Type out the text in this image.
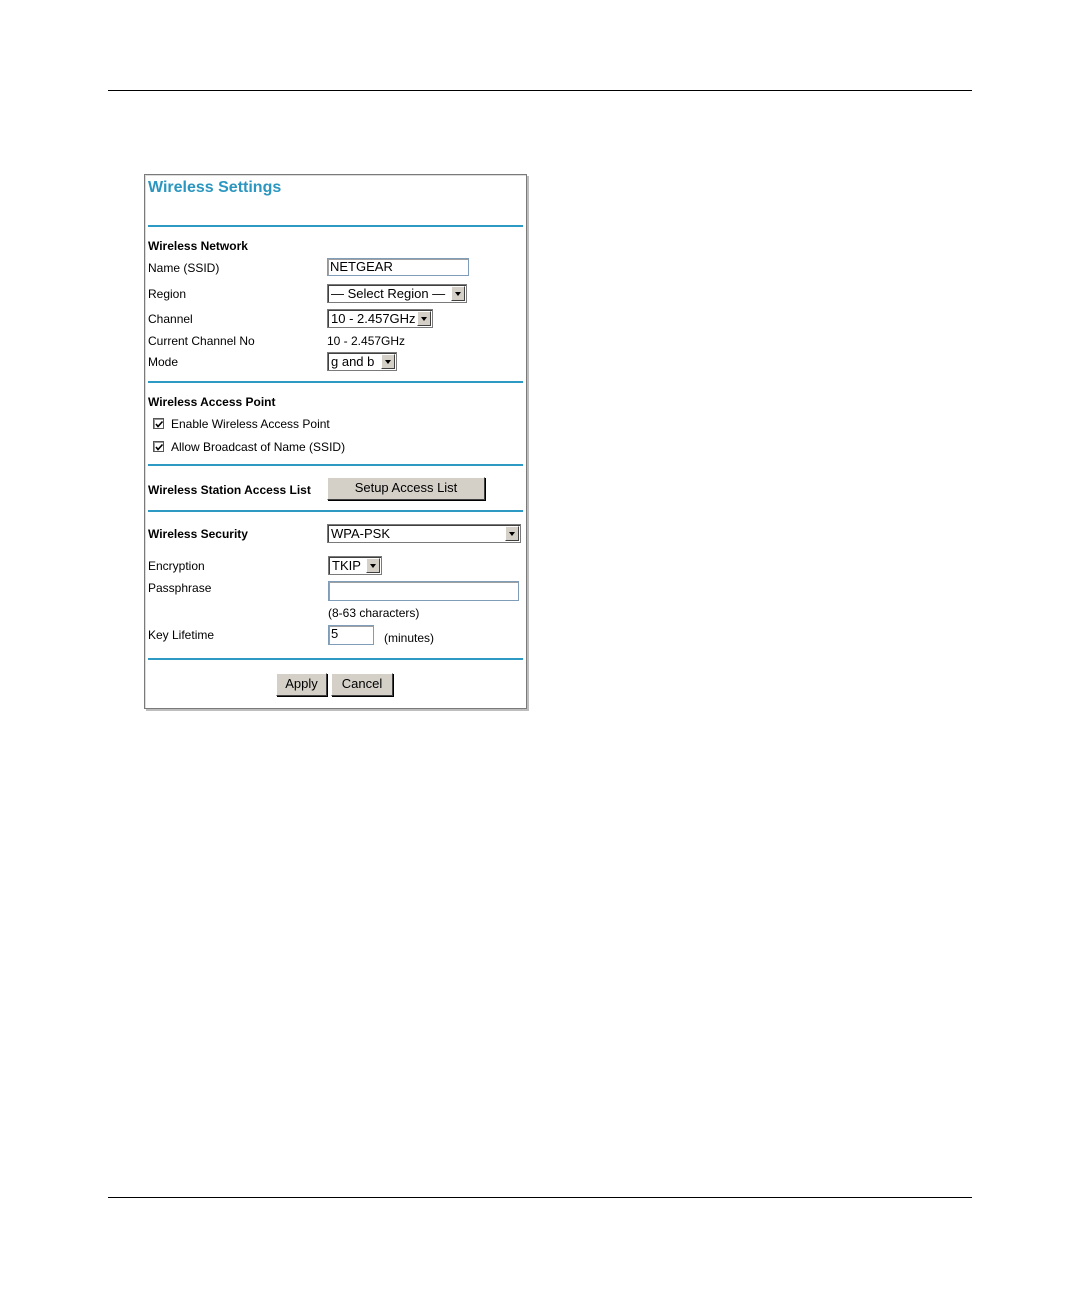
Wireless Settings
Wireless Network
Name (SSID)	NETGEAR
Region	— Select Region —
Channel	10 - 2.457GHz
Current Channel No	10 - 2.457GHz
Mode	g and b
Wireless Access Point
Enable Wireless Access Point
Allow Broadcast of Name (SSID)
Wireless Station Access List	Setup Access List
Wireless Security	WPA-PSK
Encryption	TKIP
Passphrase
(8-63 characters)
Key Lifetime	5	(minutes)
Apply	Cancel
